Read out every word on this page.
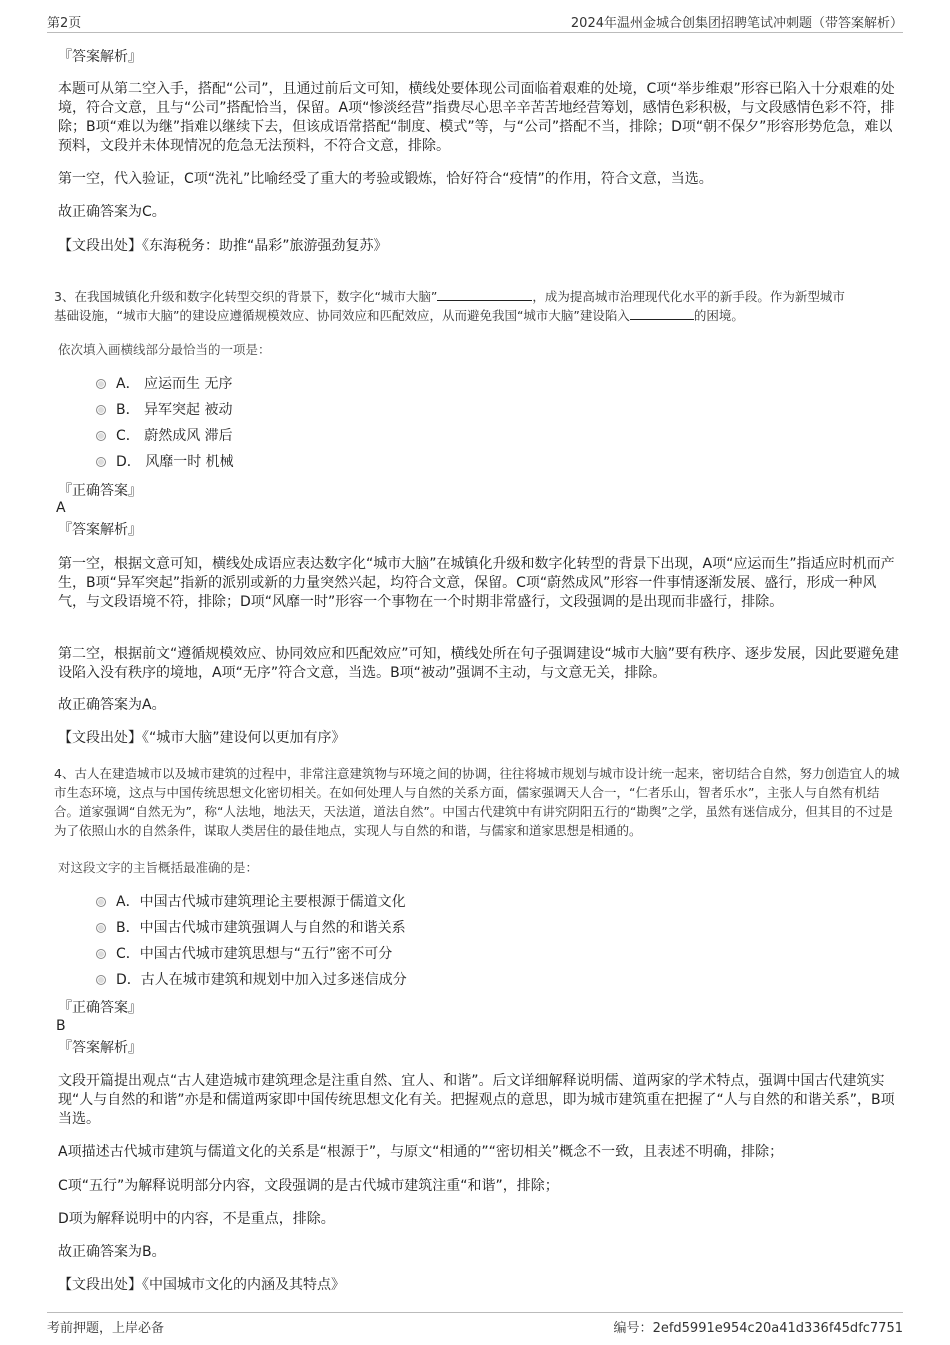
第2页	2024年温州金城合创集团招聘笔试冲刺题（带答案解析）
『答案解析』
本题可从第二空入手，搭配“公司”，且通过前后文可知，横线处要体现公司面临着艰难的处境，C项“举步维艰”形容已陷入十分艰难的处境，符合文意，且与“公司”搭配恰当，保留。A项“惨淡经营”指费尽心思辛辛苦苦地经营筹划，感情色彩积极，与文段感情色彩不符，排除；B项“难以为继”指难以继续下去，但该成语常搭配“制度、模式”等，与“公司”搭配不当，排除；D项“朝不保夕”形容形势危急，难以预料，文段并未体现情况的危急无法预料，不符合文意，排除。
第一空，代入验证，C项“洗礼”比喻经受了重大的考验或锻炼，恰好符合“疫情”的作用，符合文意，当选。
故正确答案为C。
【文段出处】《东海税务：助推“晶彩”旅游强劲复苏》
3、在我国城镇化升级和数字化转型交织的背景下，数字化“城市大脑”	，成为提高城市治理现代化水平的新手段。作为新型城市
基础设施，“城市大脑”的建设应遵循规模效应、协同效应和匹配效应，从而避免我国“城市大脑”建设陷入	的困境。
依次填入画横线部分最恰当的一项是：
A． 应运而生 无序
B． 异军突起 被动
C． 蔚然成风 滞后
D． 风靡一时 机械
『正确答案』
A
『答案解析』
第一空，根据文意可知，横线处成语应表达数字化“城市大脑”在城镇化升级和数字化转型的背景下出现，A项“应运而生”指适应时机而产生，B项“异军突起”指新的派别或新的力量突然兴起，均符合文意，保留。C项“蔚然成风”形容一件事情逐渐发展、盛行，形成一种风气，与文段语境不符，排除；D项“风靡一时”形容一个事物在一个时期非常盛行，文段强调的是出现而非盛行，排除。
第二空，根据前文“遵循规模效应、协同效应和匹配效应”可知，横线处所在句子强调建设“城市大脑”要有秩序、逐步发展，因此要避免建设陷入没有秩序的境地，A项“无序”符合文意，当选。B项“被动”强调不主动，与文意无关，排除。
故正确答案为A。
【文段出处】《“城市大脑”建设何以更加有序》
4、古人在建造城市以及城市建筑的过程中，非常注意建筑物与环境之间的协调，往往将城市规划与城市设计统一起来，密切结合自然，努力创造宜人的城市生态环境，这点与中国传统思想文化密切相关。在如何处理人与自然的关系方面，儒家强调天人合一，“仁者乐山，智者乐水”，主张人与自然有机结合。道家强调“自然无为”，称“人法地，地法天，天法道，道法自然”。中国古代建筑中有讲究阴阳五行的“勘舆”之学，虽然有迷信成分，但其目的不过是为了依照山水的自然条件，谋取人类居住的最佳地点，实现人与自然的和谐，与儒家和道家思想是相通的。
对这段文字的主旨概括最准确的是：
A．中国古代城市建筑理论主要根源于儒道文化
B．中国古代城市建筑强调人与自然的和谐关系
C．中国古代城市建筑思想与“五行”密不可分
D．古人在城市建筑和规划中加入过多迷信成分
『正确答案』
B
『答案解析』
文段开篇提出观点“古人建造城市建筑理念是注重自然、宜人、和谐”。后文详细解释说明儒、道两家的学术特点，强调中国古代建筑实现“人与自然的和谐”亦是和儒道两家即中国传统思想文化有关。把握观点的意思，即为城市建筑重在把握了“人与自然的和谐关系”，B项当选。
A项描述古代城市建筑与儒道文化的关系是“根源于”，与原文“相通的”“密切相关”概念不一致，且表述不明确，排除；
C项“五行”为解释说明部分内容，文段强调的是古代城市建筑注重“和谐”，排除；
D项为解释说明中的内容，不是重点，排除。
故正确答案为B。
【文段出处】《中国城市文化的内涵及其特点》
考前押题，上岸必备	编号：2efd5991e954c20a41d336f45dfc7751
